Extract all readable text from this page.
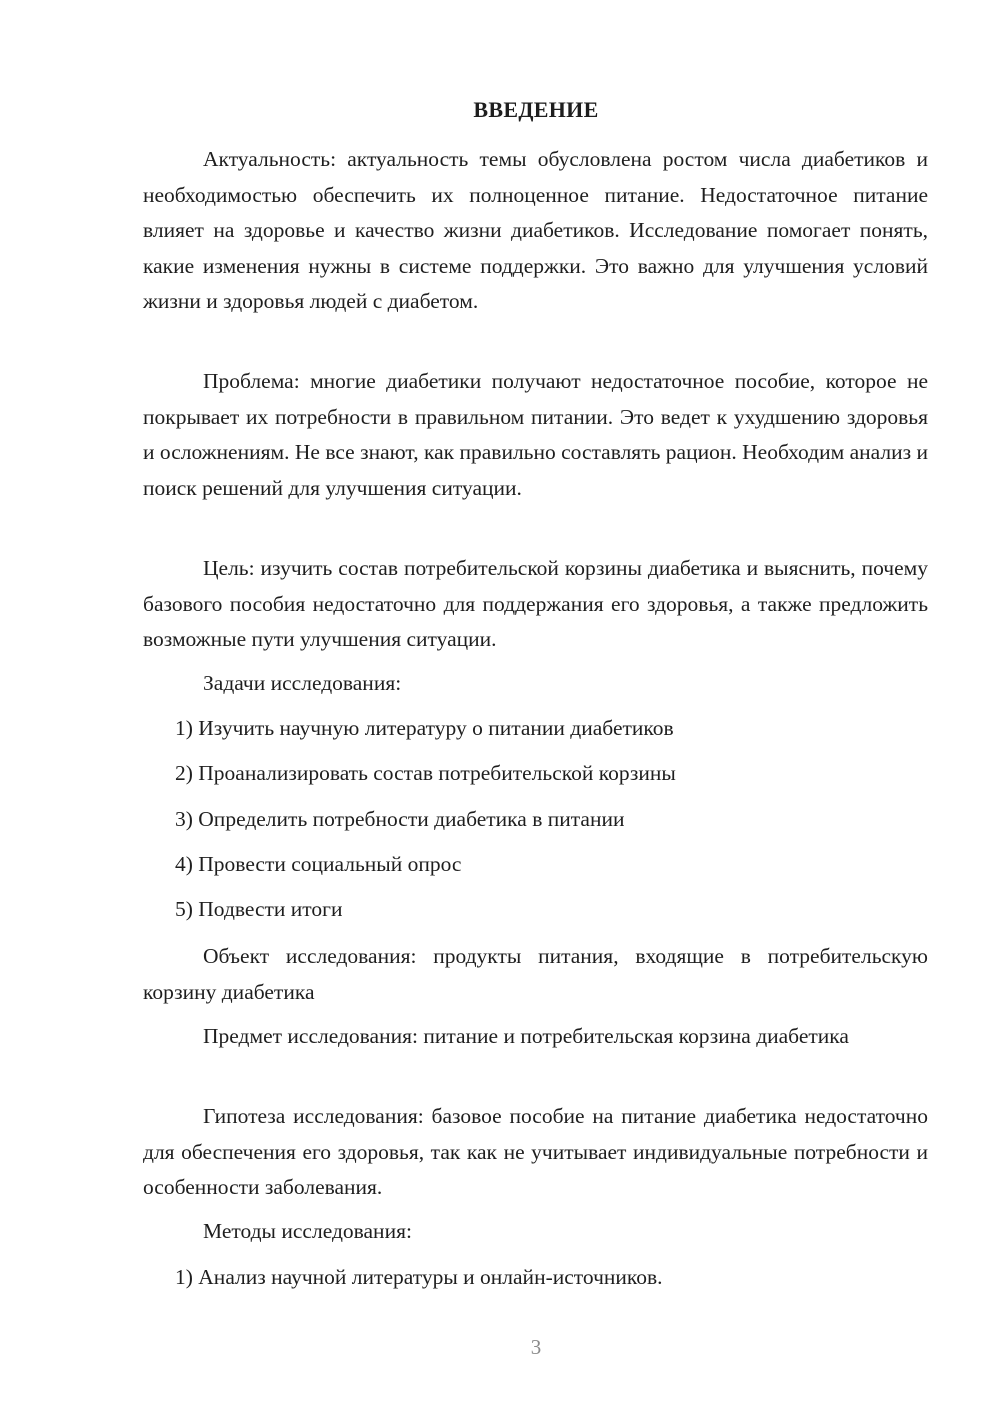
ВВЕДЕНИЕ

Актуальность: актуальность темы обусловлена ростом числа диабетиков и необходимостью обеспечить их полноценное питание. Недостаточное питание влияет на здоровье и качество жизни диабетиков. Исследование помогает понять, какие изменения нужны в системе поддержки. Это важно для улучшения условий жизни и здоровья людей с диабетом.

Проблема: многие диабетики получают недостаточное пособие, которое не покрывает их потребности в правильном питании. Это ведет к ухудшению здоровья и осложнениям. Не все знают, как правильно составлять рацион. Необходим анализ и поиск решений для улучшения ситуации.

Цель: изучить состав потребительской корзины диабетика и выяснить, почему базового пособия недостаточно для поддержания его здоровья, а также предложить возможные пути улучшения ситуации.

Задачи исследования:

1) Изучить научную литературу о питании диабетиков

2) Проанализировать состав потребительской корзины

3) Определить потребности диабетика в питании

4) Провести социальный опрос

5) Подвести итоги

Объект исследования: продукты питания, входящие в потребительскую корзину диабетика

Предмет исследования: питание и потребительская корзина диабетика

Гипотеза исследования: базовое пособие на питание диабетика недостаточно для обеспечения его здоровья, так как не учитывает индивидуальные потребности и особенности заболевания.

Методы исследования:

1) Анализ научной литературы и онлайн-источников.

3
